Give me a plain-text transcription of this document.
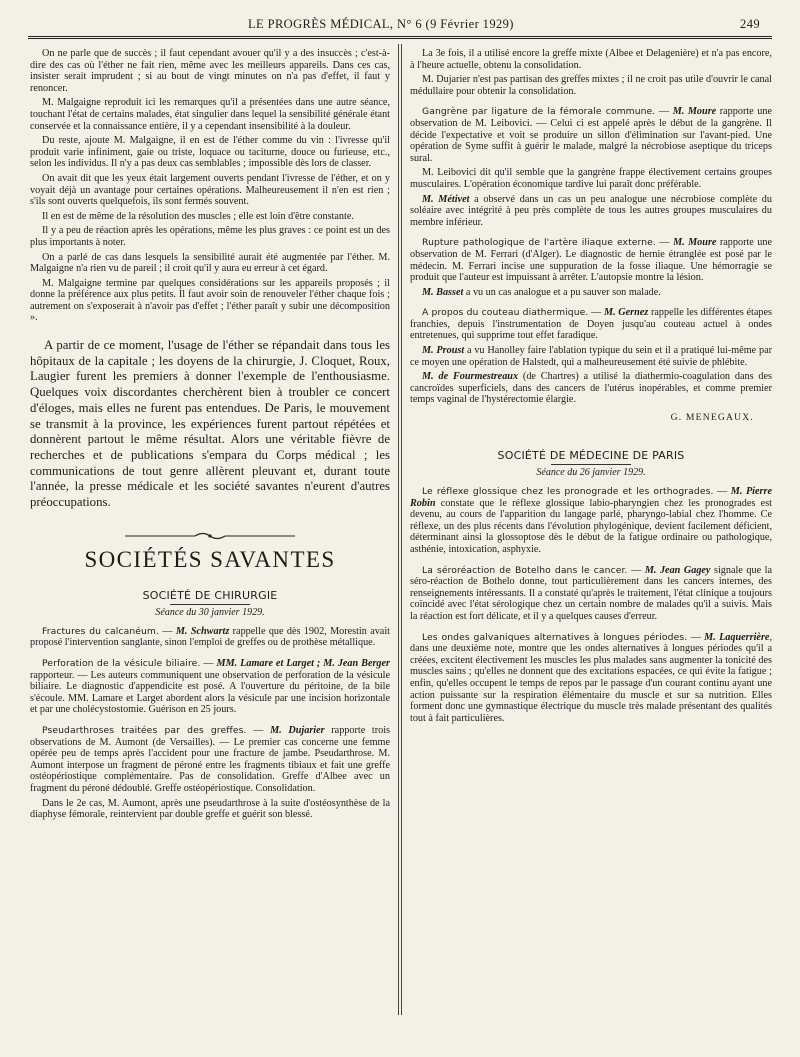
LE PROGRÈS MÉDICAL, N° 6 (9 Février 1929)	249

On ne parle que de succès ; il faut cependant avouer qu'il y a des insuccès ; c'est-à-dire des cas où l'éther ne fait rien, même avec les meilleurs appareils. Dans ces cas, insister serait imprudent ; si au bout de vingt minutes on n'a pas d'effet, il faut y renoncer.

M. Malgaigne reproduit ici les remarques qu'il a présentées dans une autre séance, touchant l'état de certains malades, état singulier dans lequel la sensibilité générale étant conservée et la connaissance entière, il y a cependant insensibilité à la douleur.

Du reste, ajoute M. Malgaigne, il en est de l'éther comme du vin : l'ivresse qu'il produit varie infiniment, gaie ou triste, loquace ou taciturne, douce ou furieuse, etc., selon les individus. Il n'y a pas deux cas semblables ; impossible dès lors de classer.

On avait dit que les yeux était largement ouverts pendant l'ivresse de l'éther, et on y voyait déjà un avantage pour certaines opérations. Malheureusement il n'en est rien ; s'ils sont ouverts quelquefois, ils sont fermés souvent.

Il en est de même de la résolution des muscles ; elle est loin d'être constante.

Il y a peu de réaction après les opérations, même les plus graves : ce point est un des plus importants à noter.

On a parlé de cas dans lesquels la sensibilité aurait été augmentée par l'éther. M. Malgaigne n'a rien vu de pareil ; il croit qu'il y aura eu erreur à cet égard.

M. Malgaigne termine par quelques considérations sur les appareils proposés ; il donne la préférence aux plus petits. Il faut avoir soin de renouveler l'éther chaque fois ; autrement on s'exposerait à n'avoir pas d'effet ; l'éther paraît y subir une décomposition ».

A partir de ce moment, l'usage de l'éther se répandait dans tous les hôpitaux de la capitale ; les doyens de la chirurgie, J. Cloquet, Roux, Laugier furent les premiers à donner l'exemple de l'enthousiasme. Quelques voix discordantes cherchèrent bien à troubler ce concert d'éloges, mais elles ne furent pas entendues. De Paris, le mouvement se transmit à la province, les expériences furent partout répétées et donnèrent partout le même résultat. Alors une véritable fièvre de recherches et de publications s'empara du Corps médical ; les communications de tout genre allèrent pleuvant et, durant toute l'année, la presse médicale et les société savantes n'eurent d'autres préoccupations.

SOCIÉTÉS SAVANTES
SOCIÉTÉ DE CHIRURGIE
Séance du 30 janvier 1929.

Fractures du calcanéum. — M. Schwartz rappelle que dès 1902, Morestin avait proposé l'intervention sanglante, sinon l'emploi de greffes ou de prothèse métallique.

Perforation de la vésicule biliaire. — MM. Lamare et Larget ; M. Jean Berger rapporteur. — Les auteurs communiquent une observation de perforation de la vésicule biliaire. Le diagnostic d'appendicite est posé. A l'ouverture du péritoine, de la bile s'écoule. MM. Lamare et Larget abordent alors la vésicule par une incision horizontale et par une cholécystostomie. Guérison en 25 jours.

Pseudarthroses traitées par des greffes. — M. Dujarier rapporte trois observations de M. Aumont (de Versailles). — Le premier cas concerne une femme opérée peu de temps après l'accident pour une fracture de jambe. Pseudarthrose. M. Aumont interpose un fragment de péroné entre les fragments tibiaux et fait une greffe ostéopériostique complémentaire. Pas de consolidation. Greffe d'Albee avec un fragment du péroné dédoublé. Greffe ostéopériostique. Consolidation.

Dans le 2e cas, M. Aumont, après une pseudarthrose à la suite d'ostéosynthèse de la diaphyse fémorale, reintervient par double greffe et guérit son blessé.

La 3e fois, il a utilisé encore la greffe mixte (Albee et Delagenière) et n'a pas encore, à l'heure actuelle, obtenu la consolidation.

M. Dujarier n'est pas partisan des greffes mixtes ; il ne croit pas utile d'ouvrir le canal médullaire pour obtenir la consolidation.

Gangrène par ligature de la fémorale commune. — M. Moure rapporte une observation de M. Leibovici. — Celui ci est appelé après le début de la gangrène. Il décide l'expectative et voit se produire un sillon d'élimination sur l'avant-pied. Une opération de Syme suffit à guérir le malade, malgré la nécrobiose aseptique du triceps sural.

M. Leibovici dit qu'il semble que la gangrène frappe électivement certains groupes musculaires. L'opération économique tardive lui paraît donc préférable.

M. Métivet a observé dans un cas un peu analogue une nécrobiose complète du soléaire avec intégrité à peu près complète de tous les autres groupes musculaires du membre inférieur.

Rupture pathologique de l'artère iliaque externe. — M. Moure rapporte une observation de M. Ferrari (d'Alger). Le diagnostic de hernie étranglée est posé par le médecin. M. Ferrari incise une suppuration de la fosse iliaque. Une hémorragie se produit que l'auteur est impuissant à arrêter. L'autopsie montre la lésion.

M. Basset a vu un cas analogue et a pu sauver son malade.

A propos du couteau diathermique. — M. Gernez rappelle les différentes étapes franchies, depuis l'instrumentation de Doyen jusqu'au couteau actuel à ondes entretenues, qui supprime tout effet faradique.

M. Proust a vu Hanolley faire l'ablation typique du sein et il a pratiqué lui-même par ce moyen une opération de Halstedt, qui a malheureusement été suivie de phlébite.

M. de Fourmestreaux (de Chartres) a utilisé la diathermio-coagulation dans des cancroïdes superficiels, dans des cancers de l'utérus inopérables, et comme premier temps vaginal de l'hystérectomie élargie.

G. MENEGAUX.
SOCIÉTÉ DE MÉDECINE DE PARIS
Séance du 26 janvier 1929.

Le réflexe glossique chez les pronograde et les orthogrades. — M. Pierre Robin constate que le réflexe glossique labio-pharyngien chez les pronogrades est devenu, au cours de l'apparition du langage parlé, pharyngo-labial chez l'homme. Ce réflexe, un des plus récents dans l'évolution phylogénique, devient facilement déficient, déterminant ainsi la glossoptose dès le début de la fatigue ordinaire ou pathologique, asthénie, intoxication, asphyxie.

La séroréaction de Botelho dans le cancer. — M. Jean Gagey signale que la séro-réaction de Bothelo donne, tout particulièrement dans les cancers internes, des renseignements intéressants. Il a constaté qu'après le traitement, l'état clinique a toujours coïncidé avec l'état sérologique chez un certain nombre de malades qu'il a suivis. Mais la réaction est fort délicate, et il y a quelques causes d'erreur.

Les ondes galvaniques alternatives à longues périodes. — M. Laquerrière, dans une deuxième note, montre que les ondes alternatives à longues périodes qu'il a créées, excitent électivement les muscles les plus malades sans augmenter la tonicité des muscles sains ; qu'elles ne donnent que des excitations espacées, ce qui évite la fatigue ; enfin, qu'elles occupent le temps de repos par le passage d'un courant continu ayant une action puissante sur la respiration élémentaire du muscle et sur sa nutrition. Elles forment donc une gymnastique électrique du muscle très malade présentant des qualités tout à fait particulières.
